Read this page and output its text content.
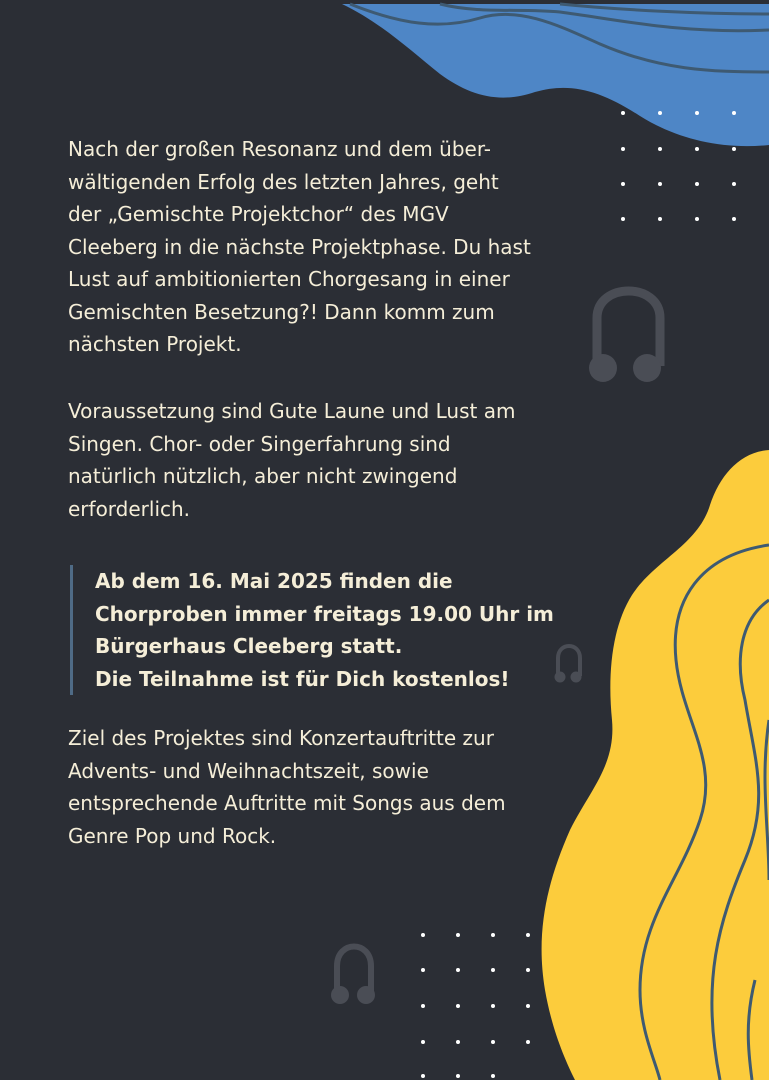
Nach der großen Resonanz und dem über-wältigenden Erfolg des letzten Jahres, geht der „Gemischte Projektchor“ des MGV Cleeberg in die nächste Projektphase. Du hast Lust auf ambitionierten Chorgesang in einer Gemischten Besetzung?! Dann komm zum nächsten Projekt.

Voraussetzung sind Gute Laune und Lust am Singen. Chor- oder Singerfahrung sind natürlich nützlich, aber nicht zwingend erforderlich.

Ab dem 16. Mai 2025 finden die Chorproben immer freitags 19.00 Uhr im Bürgerhaus Cleeberg statt.

Die Teilnahme ist für Dich kostenlos!

Ziel des Projektes sind Konzertauftritte zur Advents- und Weihnachtszeit, sowie entsprechende Auftritte mit Songs aus dem Genre Pop und Rock.
